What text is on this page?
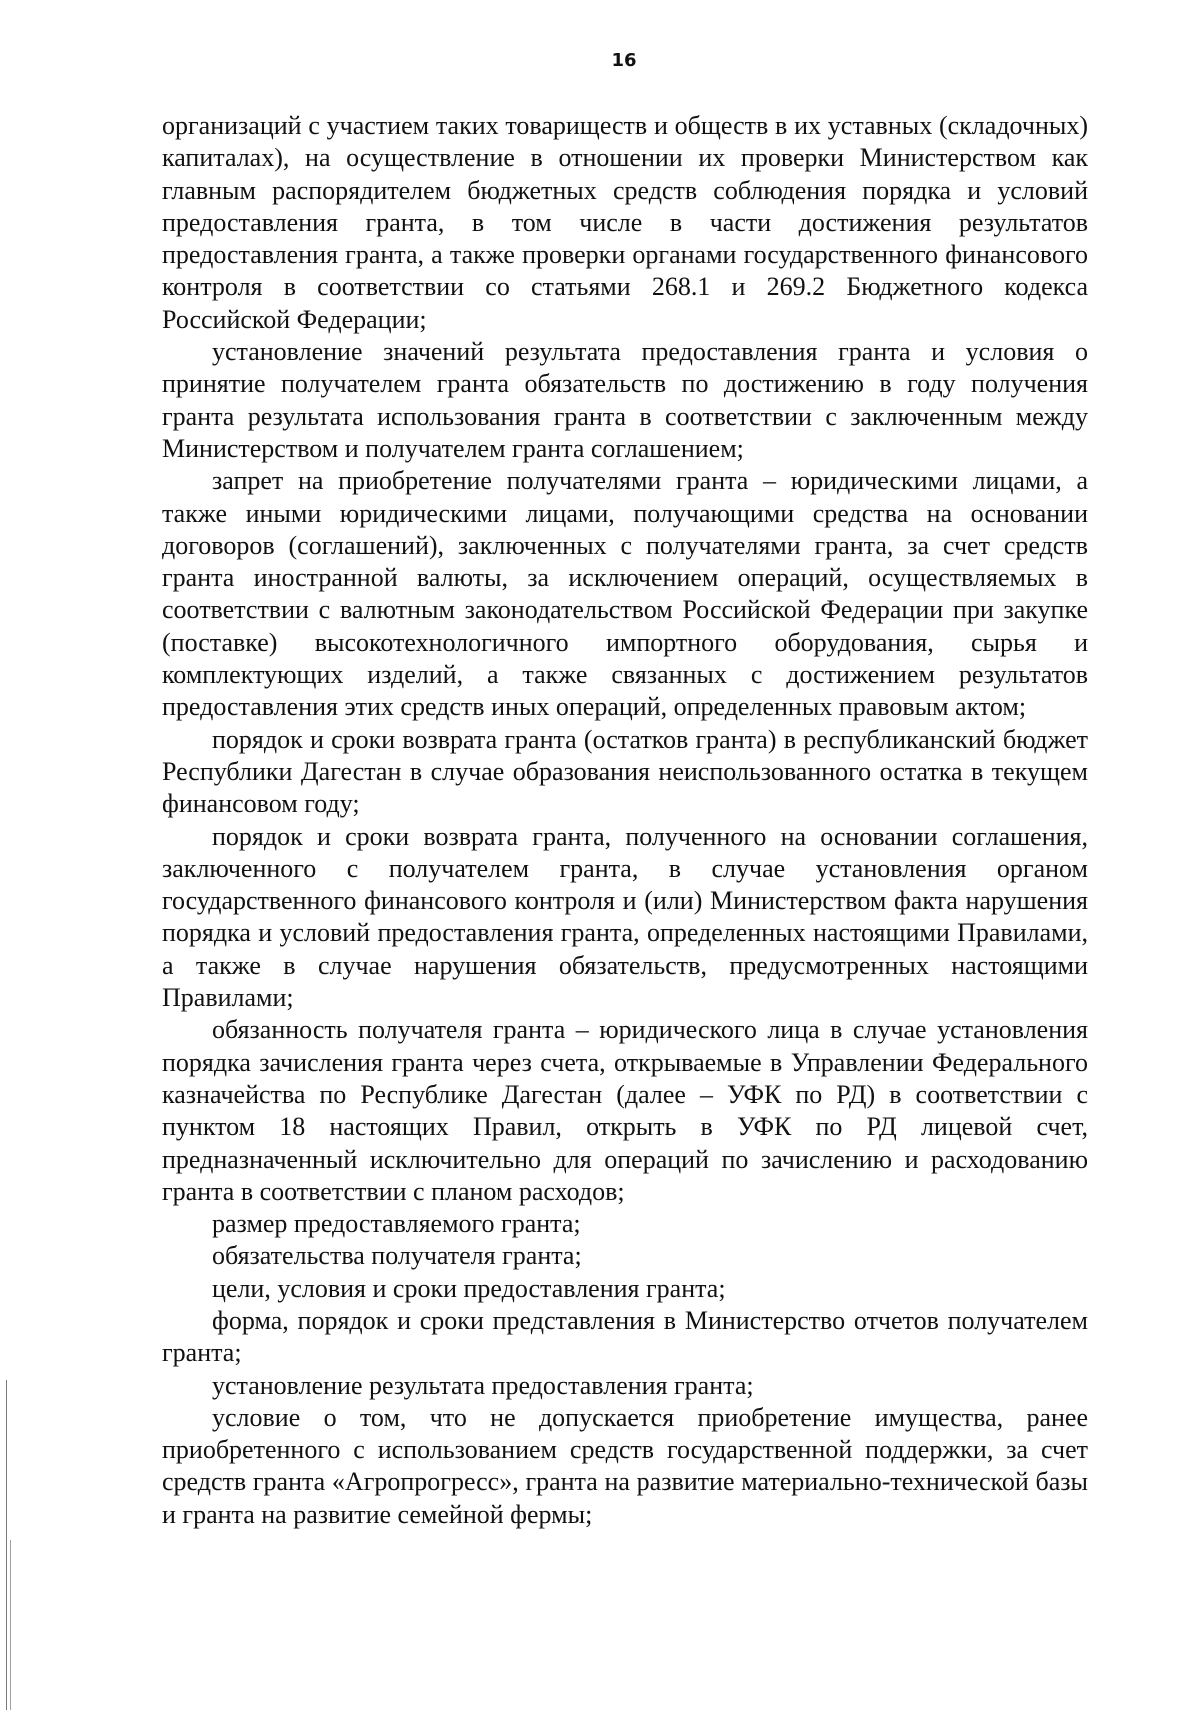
16

организаций с участием таких товариществ и обществ в их уставных (складочных) капиталах), на осуществление в отношении их проверки Министерством как главным распорядителем бюджетных средств соблюдения порядка и условий предоставления гранта, в том числе в части достижения результатов предоставления гранта, а также проверки органами государственного финансового контроля в соответствии со статьями 268.1 и 269.2 Бюджетного кодекса Российской Федерации;

установление значений результата предоставления гранта и условия о принятие получателем гранта обязательств по достижению в году получения гранта результата использования гранта в соответствии с заключенным между Министерством и получателем гранта соглашением;

запрет на приобретение получателями гранта – юридическими лицами, а также иными юридическими лицами, получающими средства на основании договоров (соглашений), заключенных с получателями гранта, за счет средств гранта иностранной валюты, за исключением операций, осуществляемых в соответствии с валютным законодательством Российской Федерации при закупке (поставке) высокотехнологичного импортного оборудования, сырья и комплектующих изделий, а также связанных с достижением результатов предоставления этих средств иных операций, определенных правовым актом;

порядок и сроки возврата гранта (остатков гранта) в республиканский бюджет Республики Дагестан в случае образования неиспользованного остатка в текущем финансовом году;

порядок и сроки возврата гранта, полученного на основании соглашения, заключенного с получателем гранта, в случае установления органом государственного финансового контроля и (или) Министерством факта нарушения порядка и условий предоставления гранта, определенных настоящими Правилами, а также в случае нарушения обязательств, предусмотренных настоящими Правилами;

обязанность получателя гранта – юридического лица в случае установления порядка зачисления гранта через счета, открываемые в Управлении Федерального казначейства по Республике Дагестан (далее – УФК по РД) в соответствии с пунктом 18 настоящих Правил, открыть в УФК по РД лицевой счет, предназначенный исключительно для операций по зачислению и расходованию гранта в соответствии с планом расходов;

размер предоставляемого гранта;

обязательства получателя гранта;

цели, условия и сроки предоставления гранта;

форма, порядок и сроки представления в Министерство отчетов получателем гранта;

установление результата предоставления гранта;

условие о том, что не допускается приобретение имущества, ранее приобретенного с использованием средств государственной поддержки, за счет средств гранта «Агропрогресс», гранта на развитие материально-технической базы и гранта на развитие семейной фермы;
